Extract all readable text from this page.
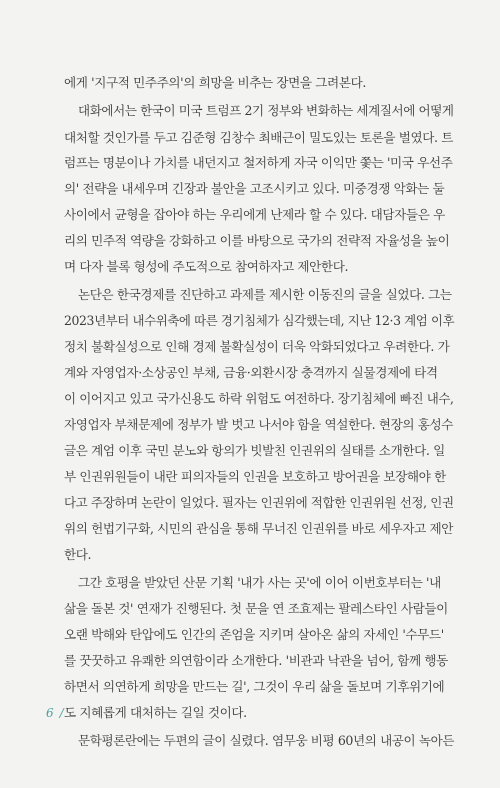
에게 '지구적 민주주의'의 희망을 비추는 장면을 그려본다.
대화에서는 한국이 미국 트럼프 2기 정부와 변화하는 세계질서에 어떻게
대처할 것인가를 두고 김준형 김창수 최배근이 밀도있는 토론을 벌였다. 트
럼프는 명분이나 가치를 내던지고 철저하게 자국 이익만 쫓는 '미국 우선주
의' 전략을 내세우며 긴장과 불안을 고조시키고 있다. 미중경쟁 악화는 둘
사이에서 균형을 잡아야 하는 우리에게 난제라 할 수 있다. 대담자들은 우
리의 민주적 역량을 강화하고 이를 바탕으로 국가의 전략적 자율성을 높이
며 다자 블록 형성에 주도적으로 참여하자고 제안한다.
논단은 한국경제를 진단하고 과제를 제시한 이동진의 글을 실었다. 그는
2023년부터 내수위축에 따른 경기침체가 심각했는데, 지난 12·3 계엄 이후
정치 불확실성으로 인해 경제 불확실성이 더욱 악화되었다고 우려한다. 가
계와 자영업자·소상공인 부채, 금융·외환시장 충격까지 실물경제에 타격
이 이어지고 있고 국가신용도 하락 위험도 여전하다. 장기침체에 빠진 내수,
자영업자 부채문제에 정부가 발 벗고 나서야 함을 역설한다. 현장의 홍성수
글은 계엄 이후 국민 분노와 항의가 빗발친 인권위의 실태를 소개한다. 일
부 인권위원들이 내란 피의자들의 인권을 보호하고 방어권을 보장해야 한
다고 주장하며 논란이 일었다. 필자는 인권위에 적합한 인권위원 선정, 인권
위의 헌법기구화, 시민의 관심을 통해 무너진 인권위를 바로 세우자고 제안
한다.
그간 호평을 받았던 산문 기획 '내가 사는 곳'에 이어 이번호부터는 '내
삶을 돌본 것' 연재가 진행된다. 첫 문을 연 조효제는 팔레스타인 사람들이
오랜 박해와 탄압에도 인간의 존엄을 지키며 살아온 삶의 자세인 '수무드'
를 꿋꿋하고 유쾌한 의연함이라 소개한다. '비관과 낙관을 넘어, 함께 행동
하면서 의연하게 희망을 만드는 길', 그것이 우리 삶을 돌보며 기후위기에
도 지혜롭게 대처하는 길일 것이다.
문학평론란에는 두편의 글이 실렸다. 염무웅 비평 60년의 내공이 녹아든
6 /
